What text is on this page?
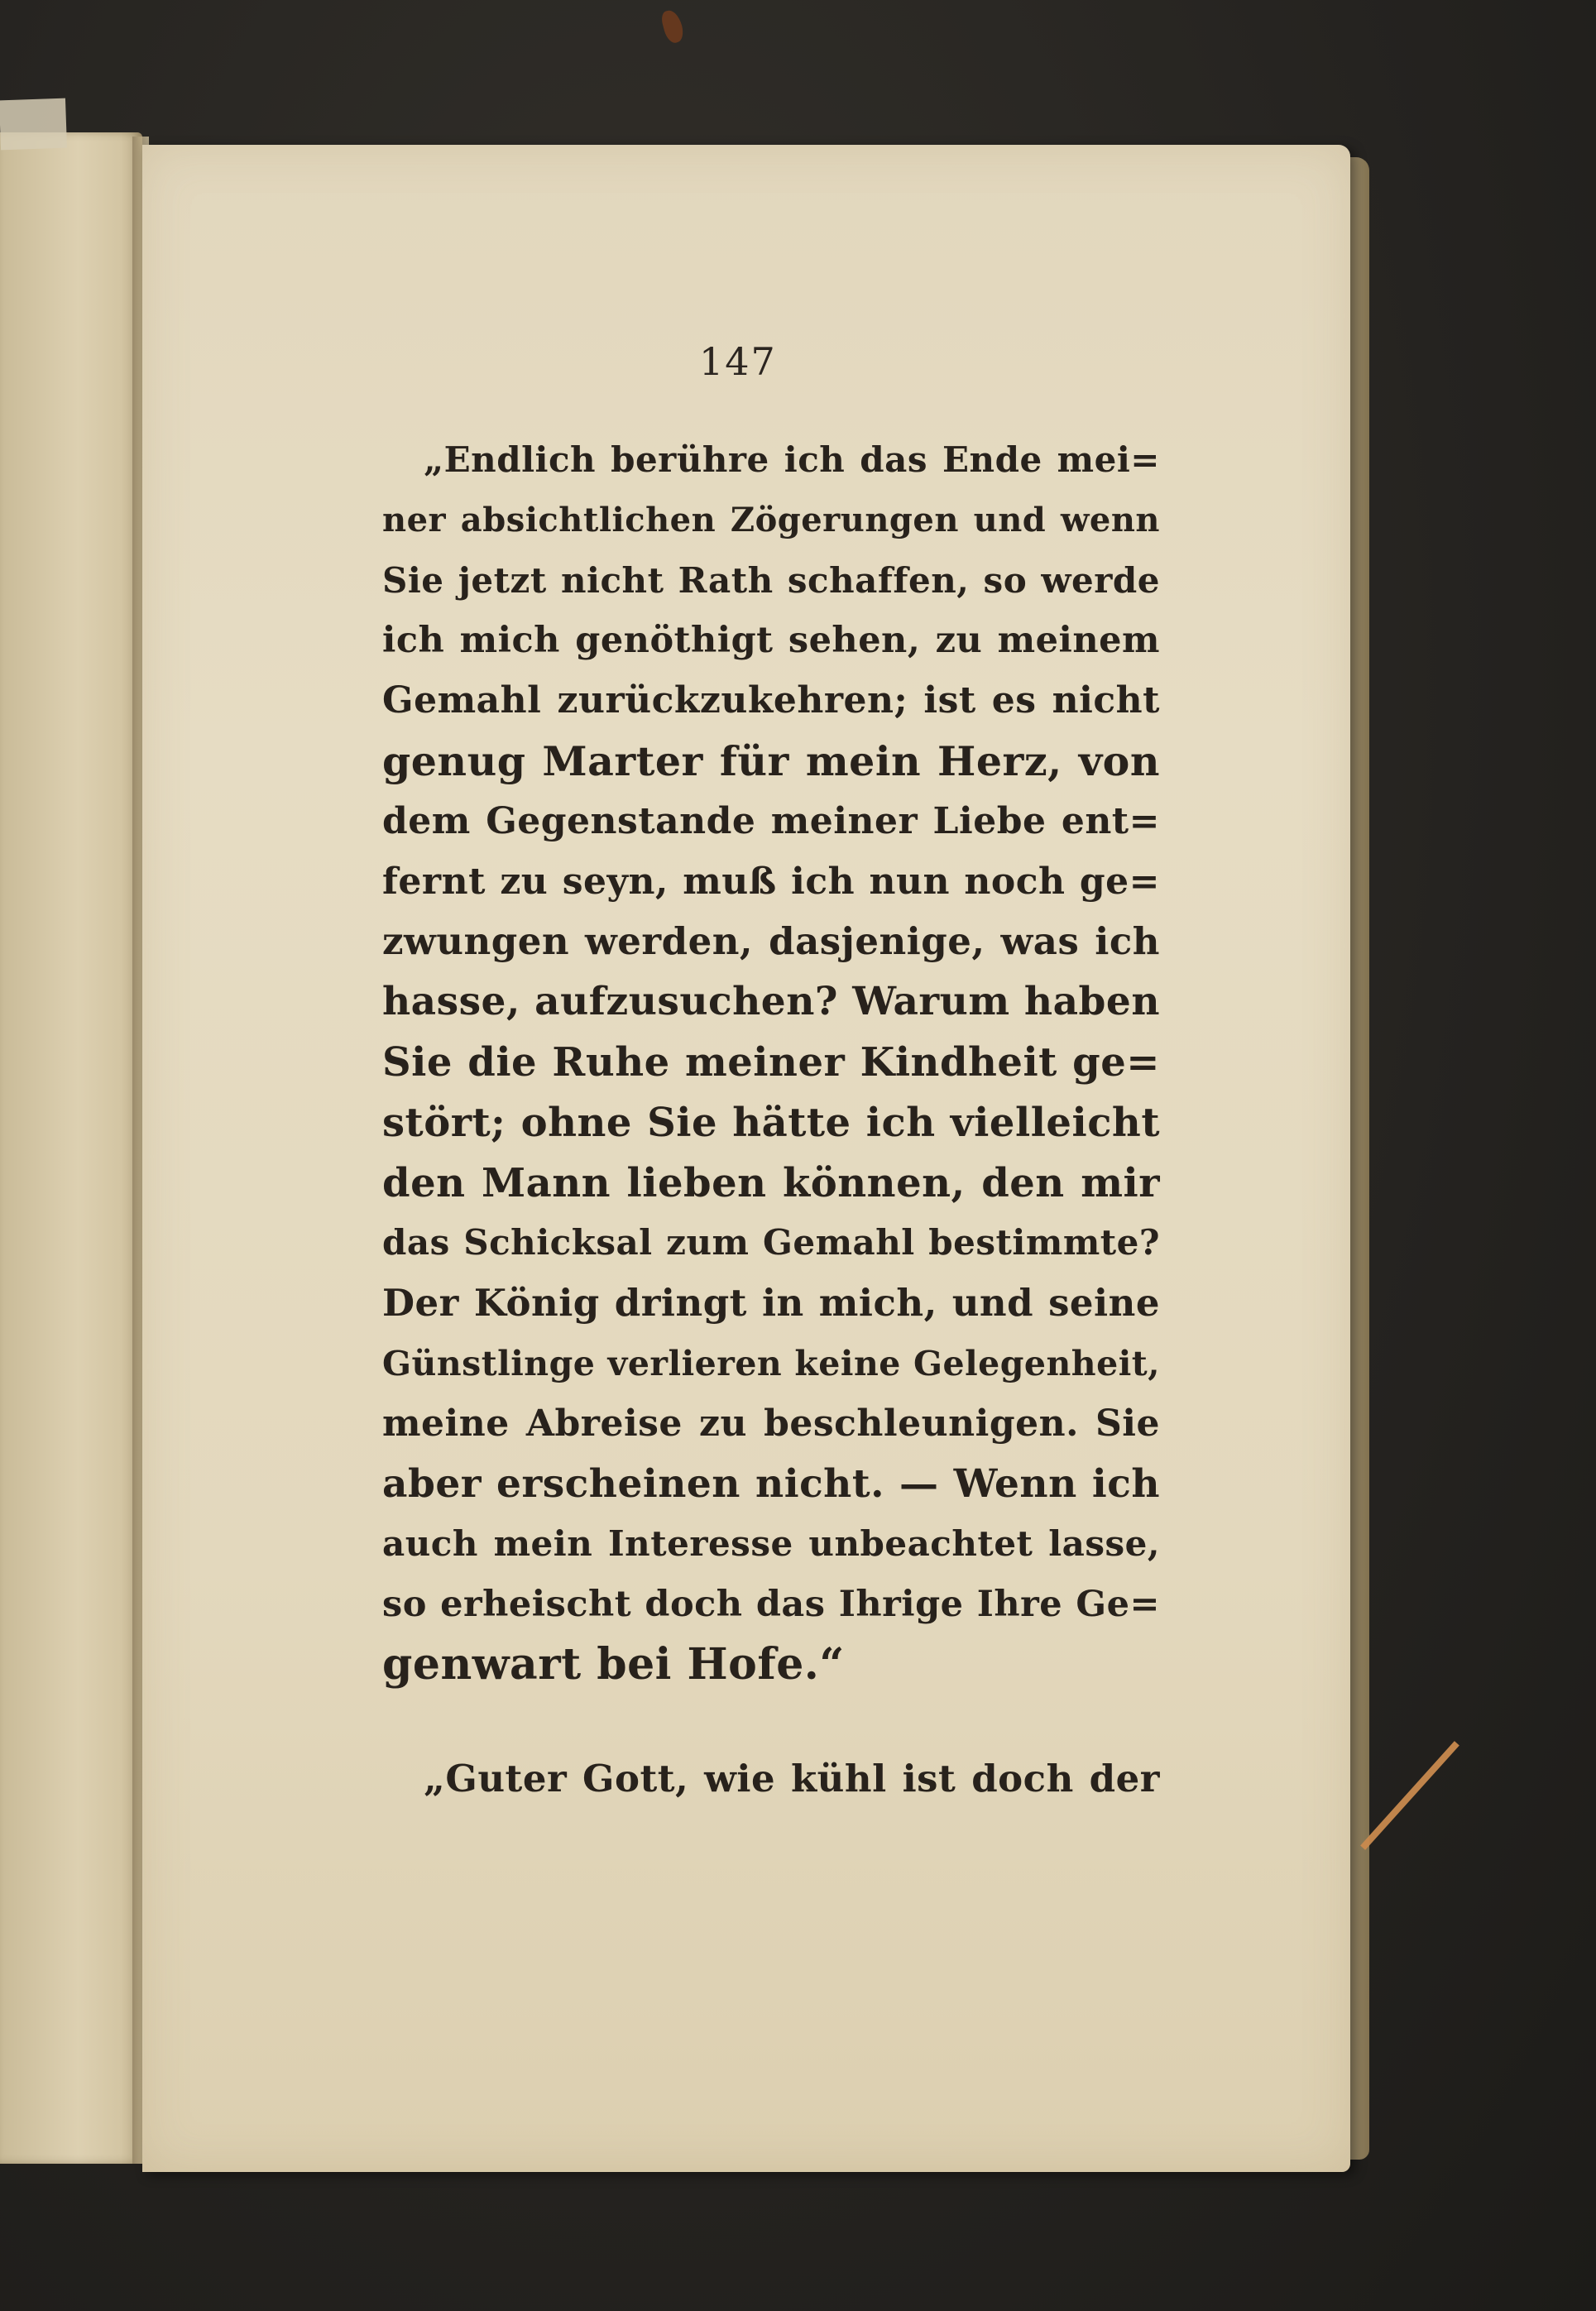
147
„Endlich berühre ich das Ende mei=
ner absichtlichen Zögerungen und wenn
Sie jetzt nicht Rath schaffen, so werde
ich mich genöthigt sehen, zu meinem
Gemahl zurückzukehren; ist es nicht
genug Marter für mein Herz, von
dem Gegenstande meiner Liebe ent=
fernt zu seyn, muß ich nun noch ge=
zwungen werden, dasjenige, was ich
hasse, aufzusuchen? Warum haben
Sie die Ruhe meiner Kindheit ge=
stört; ohne Sie hätte ich vielleicht
den Mann lieben können, den mir
das Schicksal zum Gemahl bestimmte?
Der König dringt in mich, und seine
Günstlinge verlieren keine Gelegenheit,
meine Abreise zu beschleunigen. Sie
aber erscheinen nicht. — Wenn ich
auch mein Interesse unbeachtet lasse,
so erheischt doch das Ihrige Ihre Ge=
genwart bei Hofe.“
„Guter Gott, wie kühl ist doch der
